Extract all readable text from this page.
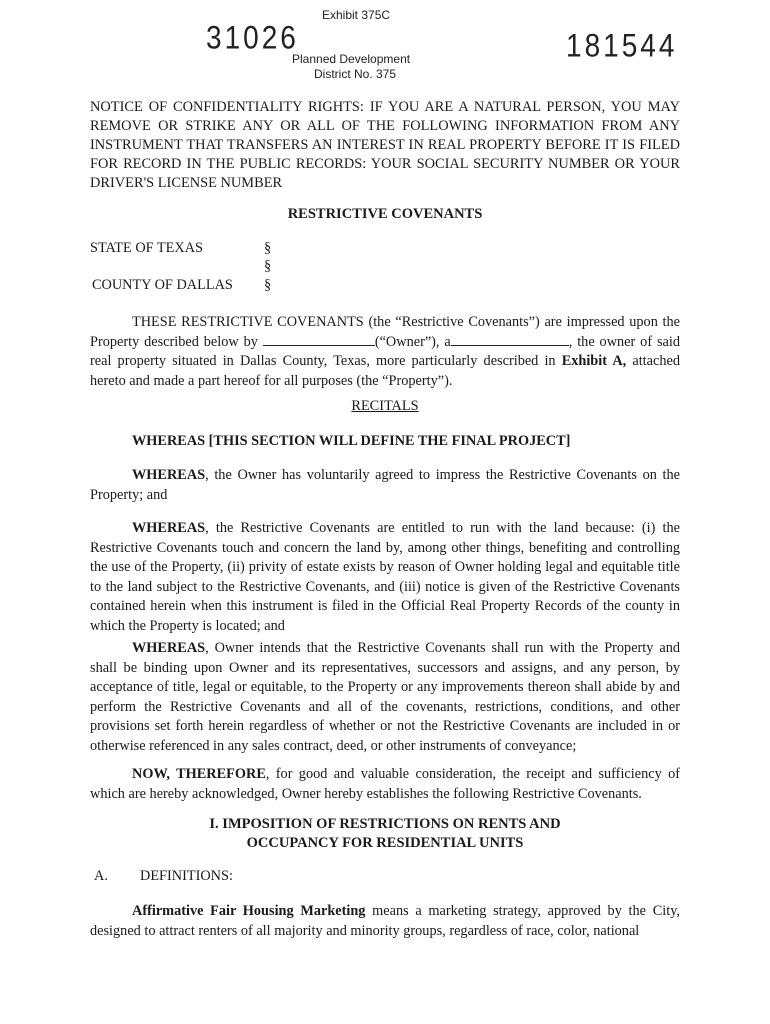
31026
Exhibit 375C
Planned Development
District No. 375
181544
NOTICE OF CONFIDENTIALITY RIGHTS: IF YOU ARE A NATURAL PERSON, YOU MAY REMOVE OR STRIKE ANY OR ALL OF THE FOLLOWING INFORMATION FROM ANY INSTRUMENT THAT TRANSFERS AN INTEREST IN REAL PROPERTY BEFORE IT IS FILED FOR RECORD IN THE PUBLIC RECORDS: YOUR SOCIAL SECURITY NUMBER OR YOUR DRIVER'S LICENSE NUMBER
RESTRICTIVE COVENANTS
STATE OF TEXAS
COUNTY OF DALLAS
§
§
§
THESE RESTRICTIVE COVENANTS (the “Restrictive Covenants”) are impressed upon the Property described below by	(“Owner”), a	, the owner of said real property situated in Dallas County, Texas, more particularly described in Exhibit A, attached hereto and made a part hereof for all purposes (the “Property”).
RECITALS
WHEREAS [THIS SECTION WILL DEFINE THE FINAL PROJECT]
WHEREAS, the Owner has voluntarily agreed to impress the Restrictive Covenants on the Property; and
WHEREAS, the Restrictive Covenants are entitled to run with the land because: (i) the Restrictive Covenants touch and concern the land by, among other things, benefiting and controlling the use of the Property, (ii) privity of estate exists by reason of Owner holding legal and equitable title to the land subject to the Restrictive Covenants, and (iii) notice is given of the Restrictive Covenants contained herein when this instrument is filed in the Official Real Property Records of the county in which the Property is located; and
WHEREAS, Owner intends that the Restrictive Covenants shall run with the Property and shall be binding upon Owner and its representatives, successors and assigns, and any person, by acceptance of title, legal or equitable, to the Property or any improvements thereon shall abide by and perform the Restrictive Covenants and all of the covenants, restrictions, conditions, and other provisions set forth herein regardless of whether or not the Restrictive Covenants are included in or otherwise referenced in any sales contract, deed, or other instruments of conveyance;
NOW, THEREFORE, for good and valuable consideration, the receipt and sufficiency of which are hereby acknowledged, Owner hereby establishes the following Restrictive Covenants.
I. IMPOSITION OF RESTRICTIONS ON RENTS AND
OCCUPANCY FOR RESIDENTIAL UNITS
A. DEFINITIONS:
Affirmative Fair Housing Marketing means a marketing strategy, approved by the City, designed to attract renters of all majority and minority groups, regardless of race, color, national
